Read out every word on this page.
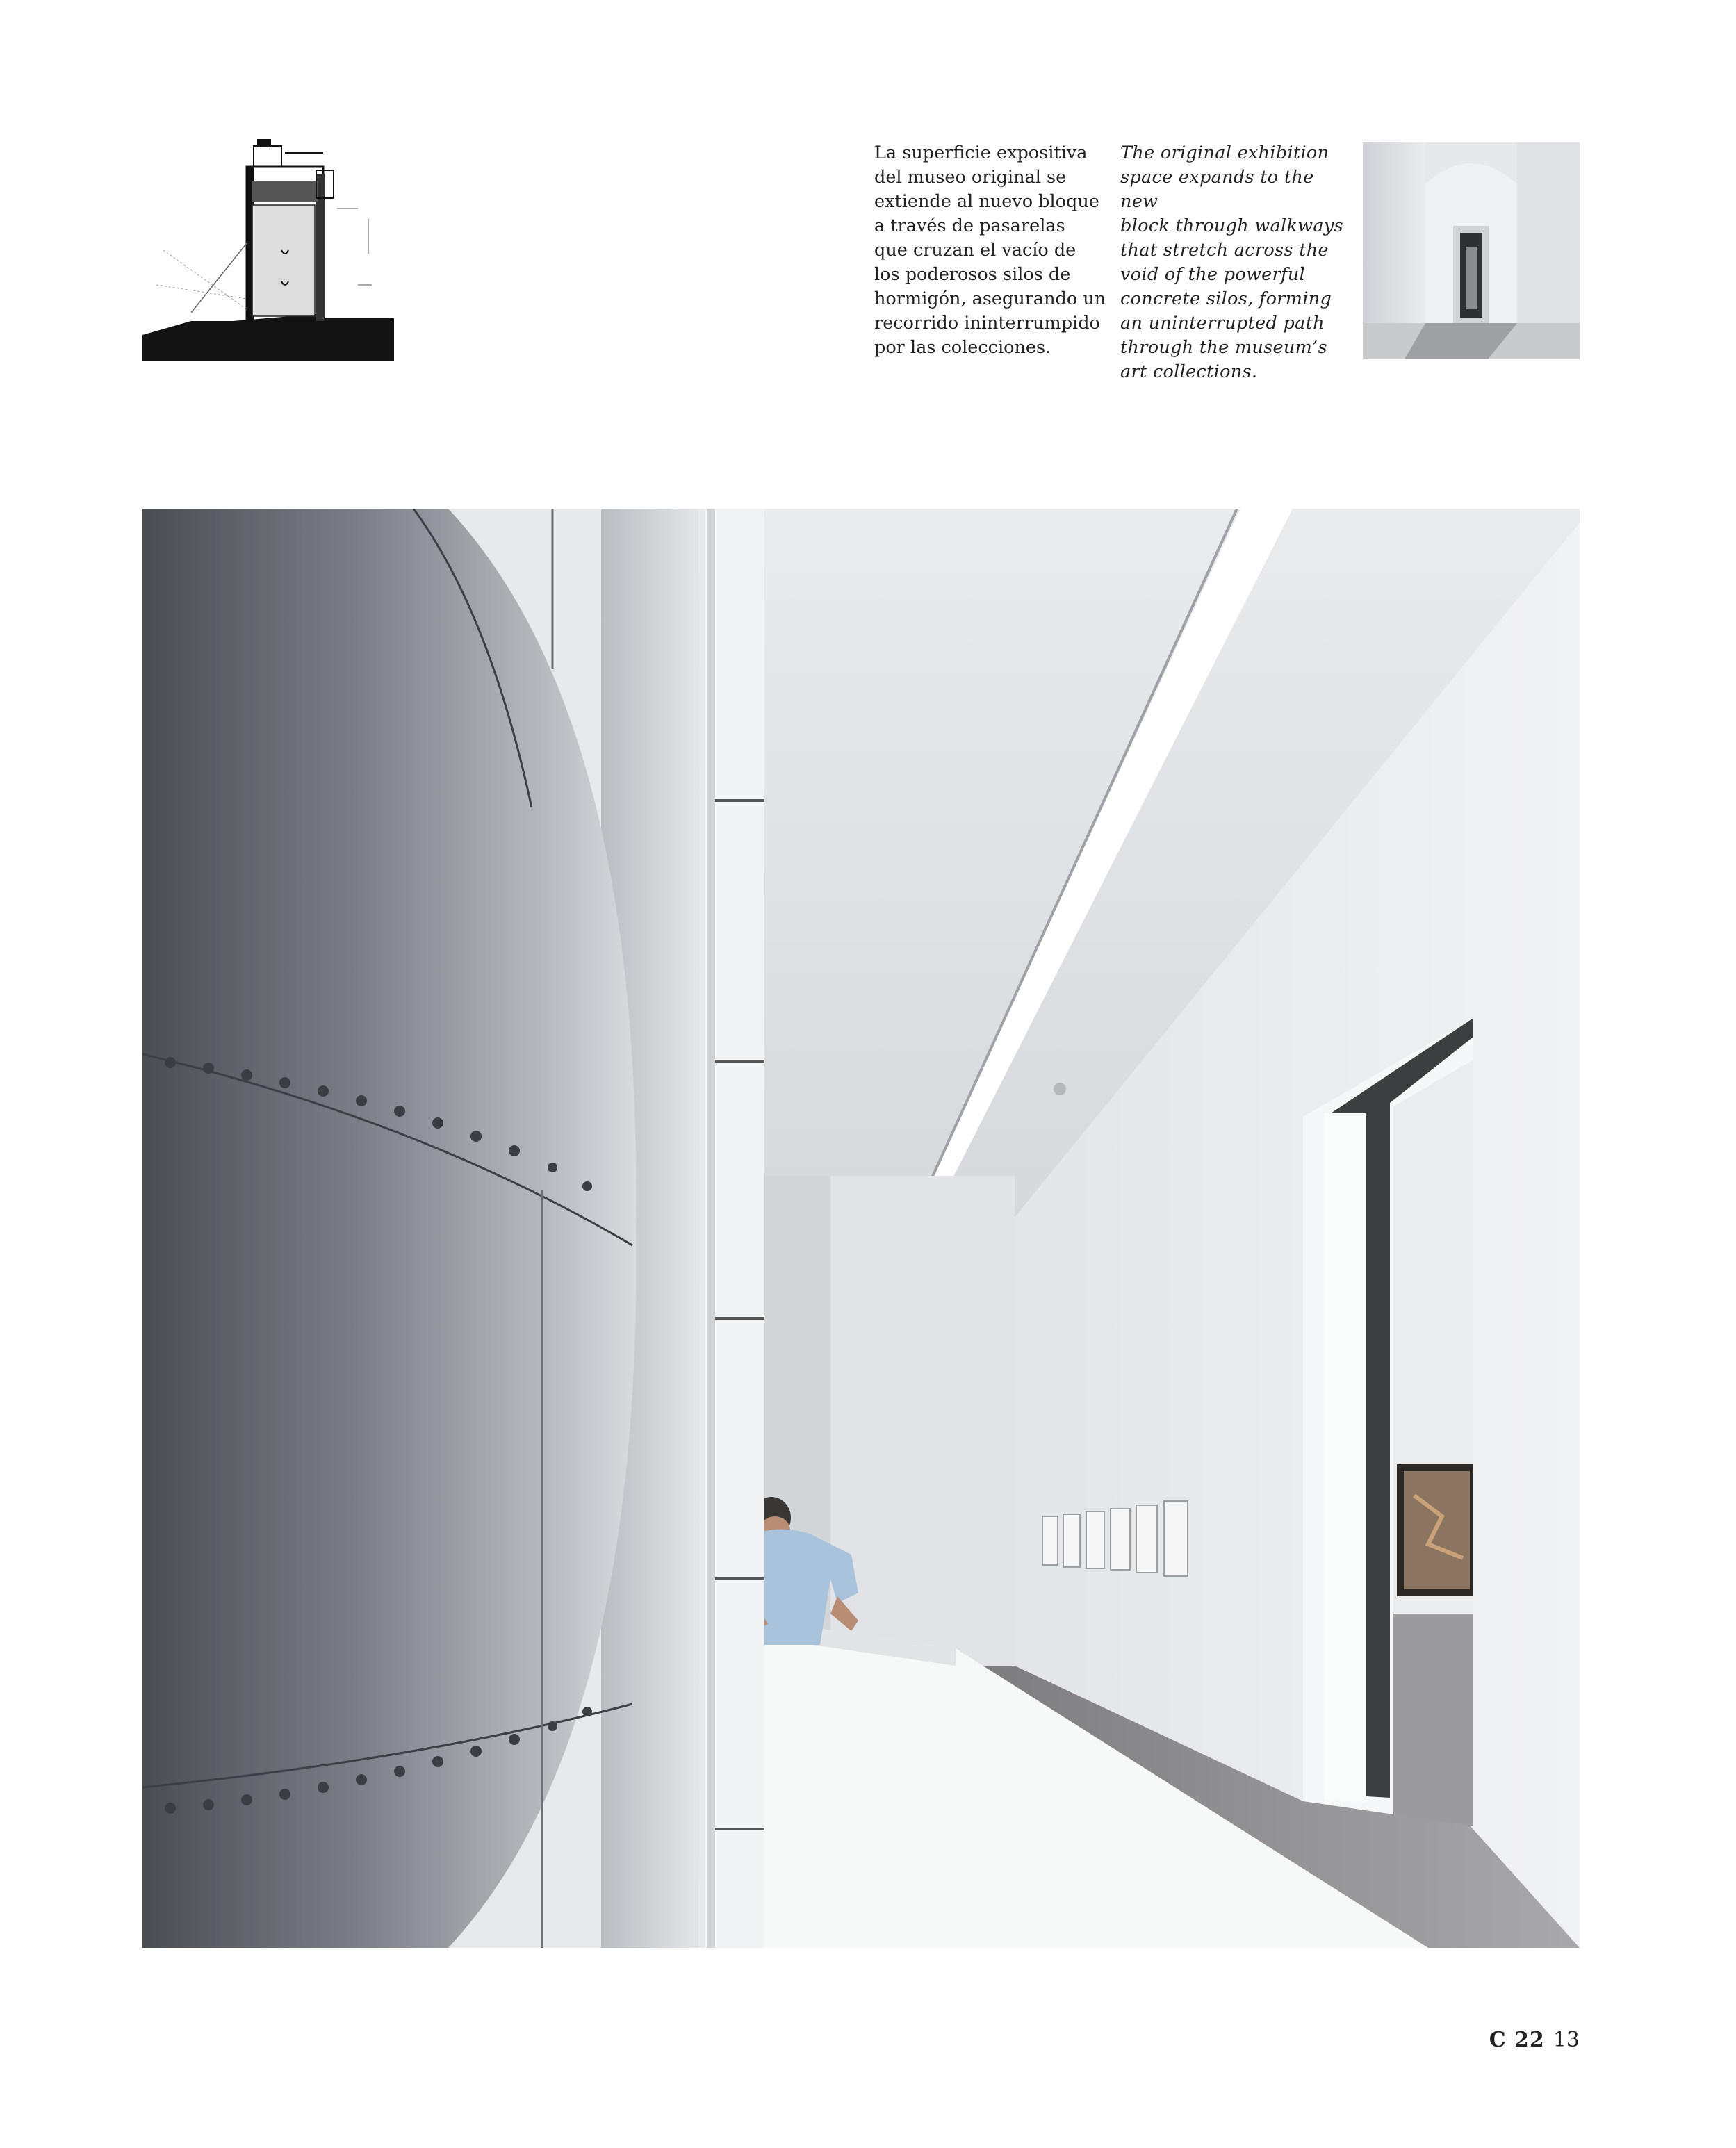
La superficie expositiva
del museo original se
extiende al nuevo bloque
a través de pasarelas
que cruzan el vacío de
los poderosos silos de
hormigón, asegurando un
recorrido ininterrumpido
por las colecciones.
The original exhibition
space expands to the new
block through walkways
that stretch across the
void of the powerful
concrete silos, forming
an uninterrupted path
through the museum’s
art collections.
C 22 13
